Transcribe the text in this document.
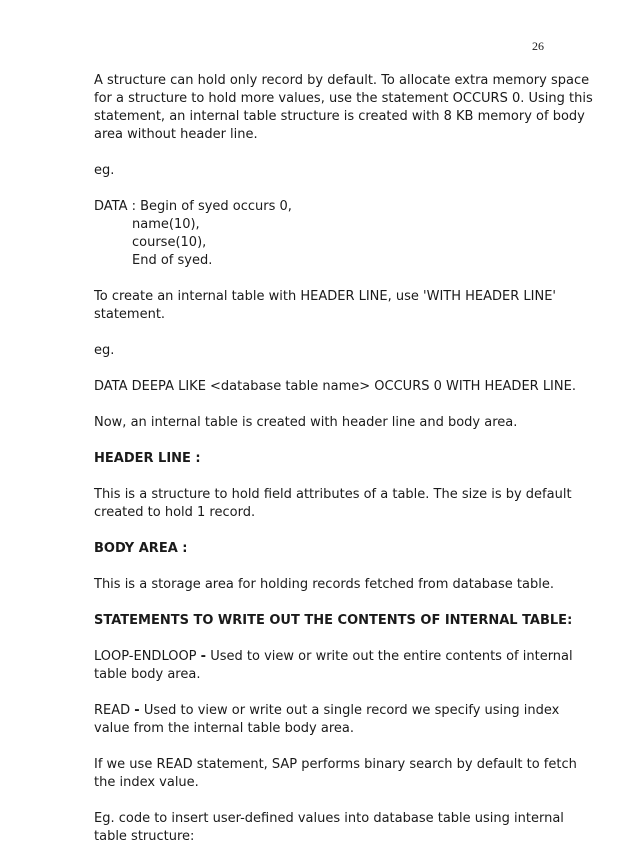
26

A structure can hold only record by default. To allocate extra memory space for a structure to hold more values, use the statement OCCURS 0. Using this statement, an internal table structure is created with 8 KB memory of body area without header line.

eg.

DATA : Begin of syed occurs 0,
name(10),
course(10),
End of syed.

To create an internal table with HEADER LINE, use 'WITH HEADER LINE' statement.

eg.

DATA DEEPA LIKE <database table name> OCCURS 0 WITH HEADER LINE.

Now, an internal table is created with header line and body area.

HEADER LINE :

This is a structure to hold field attributes of a table. The size is by default created to hold 1 record.

BODY AREA :

This is a storage area for holding records fetched from database table.

STATEMENTS TO WRITE OUT THE CONTENTS OF INTERNAL TABLE:

LOOP-ENDLOOP - Used to view or write out the entire contents of internal table body area.

READ - Used to view or write out a single record we specify using index value from the internal table body area.

If we use READ statement, SAP performs binary search by default to fetch the index value.

Eg. code to insert user-defined values into database table using internal table structure:
